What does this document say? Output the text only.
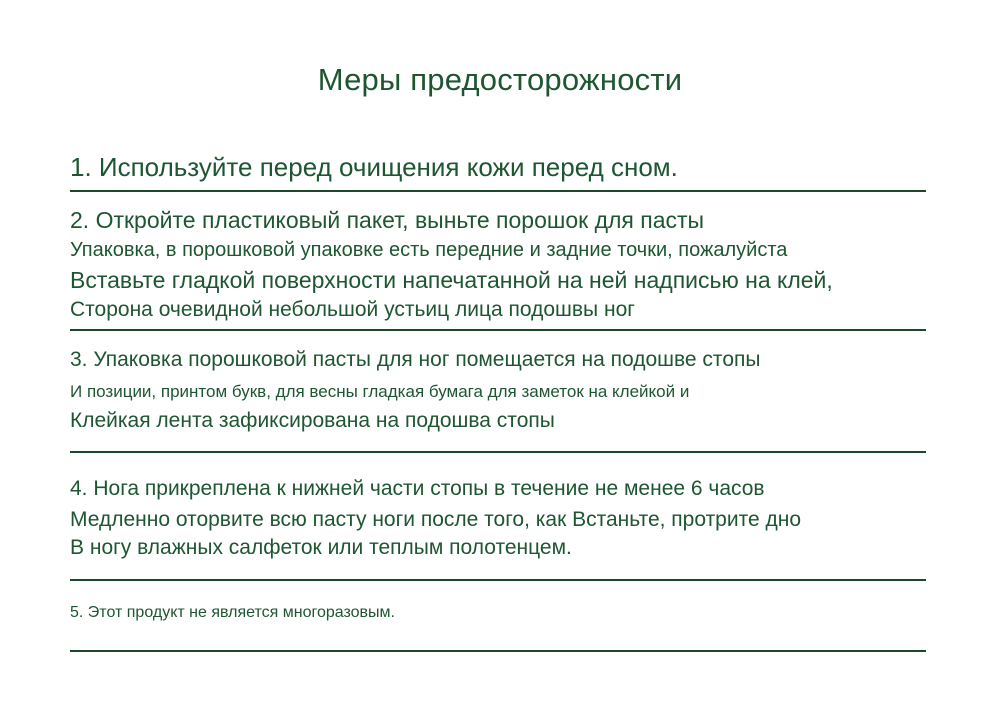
Меры предосторожности
1. Используйте перед очищения кожи перед сном.
2. Откройте пластиковый пакет, выньте порошок для пасты
Упаковка, в порошковой упаковке есть передние и задние точки, пожалуйста
Вставьте гладкой поверхности напечатанной на ней надписью на клей,
Сторона очевидной небольшой устьиц лица подошвы ног
3. Упаковка порошковой пасты для ног помещается на подошве стопы
И позиции, принтом букв, для весны гладкая бумага для заметок на клейкой и
Клейкая лента зафиксирована на подошва стопы
4. Нога прикреплена к нижней части стопы в течение не менее 6 часов
Медленно оторвите всю пасту ноги после того, как Встаньте, протрите дно
В ногу влажных салфеток или теплым полотенцем.
5. Этот продукт не является многоразовым.
